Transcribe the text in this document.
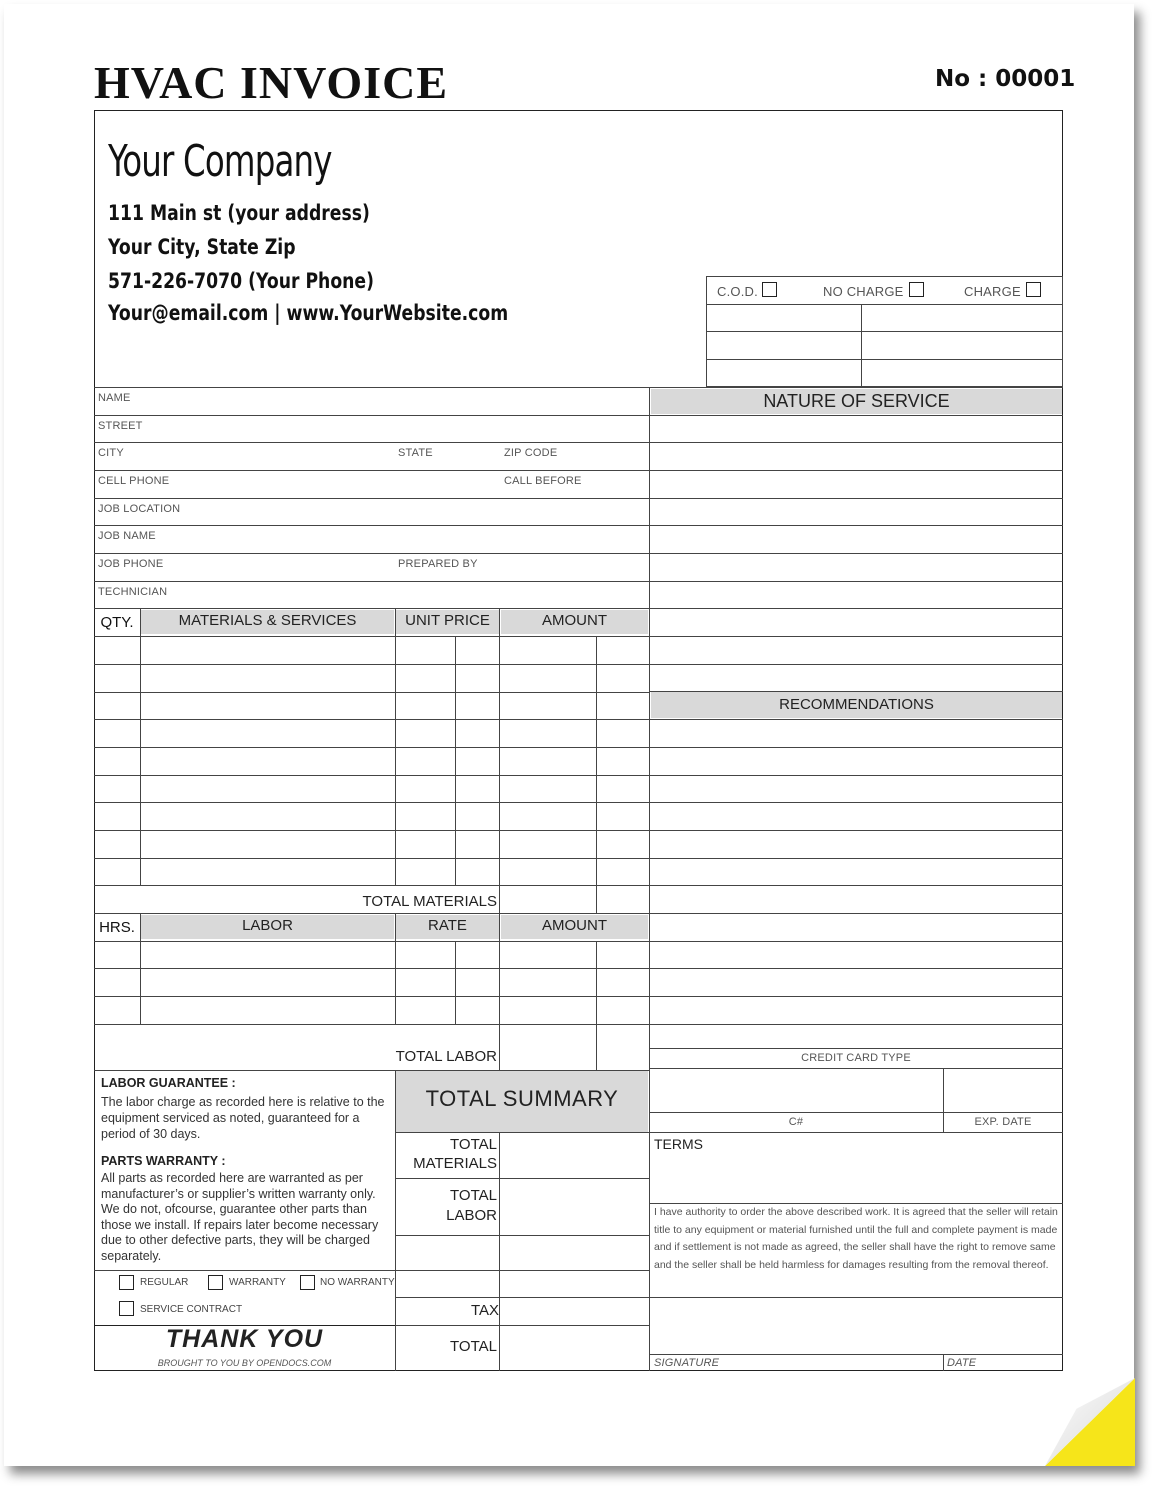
HVAC INVOICE	No : 00001
Your Company
111 Main st (your address)
Your City, State Zip
571-226-7070 (Your Phone)
Your@email.com | www.YourWebsite.com
C.O.D.	NO CHARGE	CHARGE
NAME
STREET
CITY	STATE	ZIP CODE
CELL PHONE	CALL BEFORE
JOB LOCATION
JOB NAME
JOB PHONE	PREPARED BY
TECHNICIAN
QTY.	MATERIALS & SERVICES	UNIT PRICE	AMOUNT
TOTAL MATERIALS
HRS.	LABOR	RATE	AMOUNT
TOTAL LABOR
NATURE OF SERVICE
RECOMMENDATIONS
CREDIT CARD TYPE
C#	EXP. DATE
TERMS
I have authority to order the above described work. It is agreed that the seller will retain title to any equipment or material furnished until the full and complete payment is made and if settlement is not made as agreed, the seller shall have the right to remove same and the seller shall be held harmless for damages resulting from the removal thereof.
SIGNATURE	DATE
LABOR GUARANTEE :
The labor charge as recorded here is relative to the equipment serviced as noted, guaranteed for a period of 30 days.
PARTS WARRANTY :
All parts as recorded here are warranted as per manufacturer’s or supplier’s written warranty only. We do not, ofcourse, guarantee other parts than those we install. If repairs later become necessary due to other defective parts, they will be charged separately.
REGULAR	WARRANTY	NO WARRANTY
SERVICE CONTRACT
THANK YOU
BROUGHT TO YOU BY OPENDOCS.COM
TOTAL SUMMARY
TOTAL
MATERIALS
TOTAL
LABOR
TAX
TOTAL
